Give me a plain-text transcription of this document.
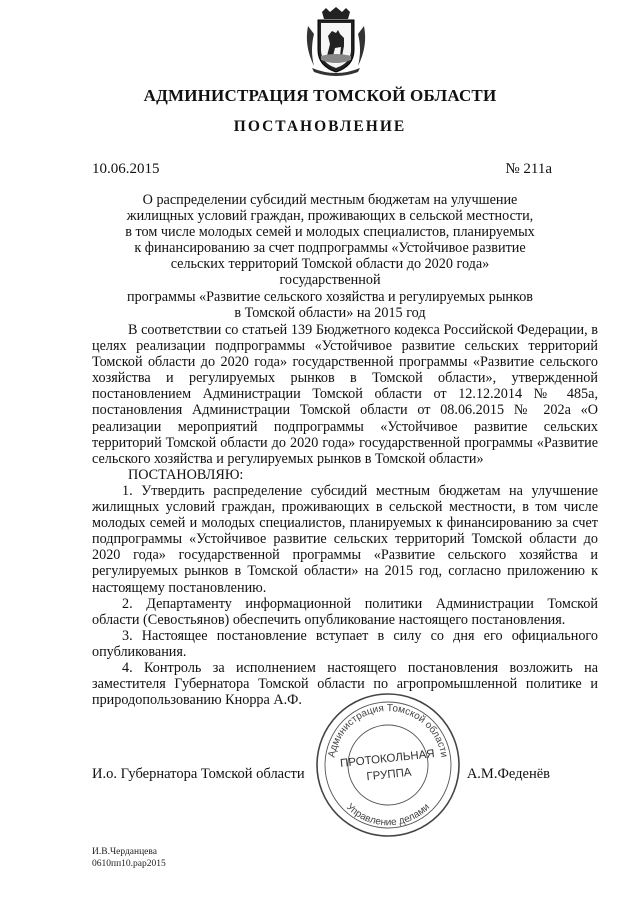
АДМИНИСТРАЦИЯ ТОМСКОЙ ОБЛАСТИ
ПОСТАНОВЛЕНИЕ
10.06.2015	№ 211а
О распределении субсидий местным бюджетам на улучшение
жилищных условий граждан, проживающих в сельской местности,
в том числе молодых семей и молодых специалистов, планируемых
к финансированию за счет подпрограммы «Устойчивое развитие
сельских территорий Томской области до 2020 года» государственной
программы «Развитие сельского хозяйства и регулируемых рынков
в Томской области» на 2015 год

В соответствии со статьей 139 Бюджетного кодекса Российской Федерации, в целях реализации подпрограммы «Устойчивое развитие сельских территорий Томской области до 2020 года» государственной программы «Развитие сельского хозяйства и регулируемых рынков в Томской области», утвержденной постановлением Администрации Томской области от 12.12.2014 № 485а, постановления Администрации Томской области от 08.06.2015 № 202а «О реализации мероприятий подпрограммы «Устойчивое развитие сельских территорий Томской области до 2020 года» государственной программы «Развитие сельского хозяйства и регулируемых рынков в Томской области»

ПОСТАНОВЛЯЮ:

1. Утвердить распределение субсидий местным бюджетам на улучшение жилищных условий граждан, проживающих в сельской местности, в том числе молодых семей и молодых специалистов, планируемых к финансированию за счет подпрограммы «Устойчивое развитие сельских территорий Томской области до 2020 года» государственной программы «Развитие сельского хозяйства и регулируемых рынков в Томской области» на 2015 год, согласно приложению к настоящему постановлению.

2. Департаменту информационной политики Администрации Томской области (Севостьянов) обеспечить опубликование настоящего постановления.

3. Настоящее постановление вступает в силу со дня его официального опубликования.

4. Контроль за исполнением настоящего постановления возложить на заместителя Губернатора Томской области по агропромышленной политике и природопользованию Кнорра А.Ф.

И.о. Губернатора Томской области	А.М.Феденёв
Администрация Томской области
Управление делами
ПРОТОКОЛЬНАЯ
ГРУППА
И.В.Черданцева
0610пп10.рар2015
